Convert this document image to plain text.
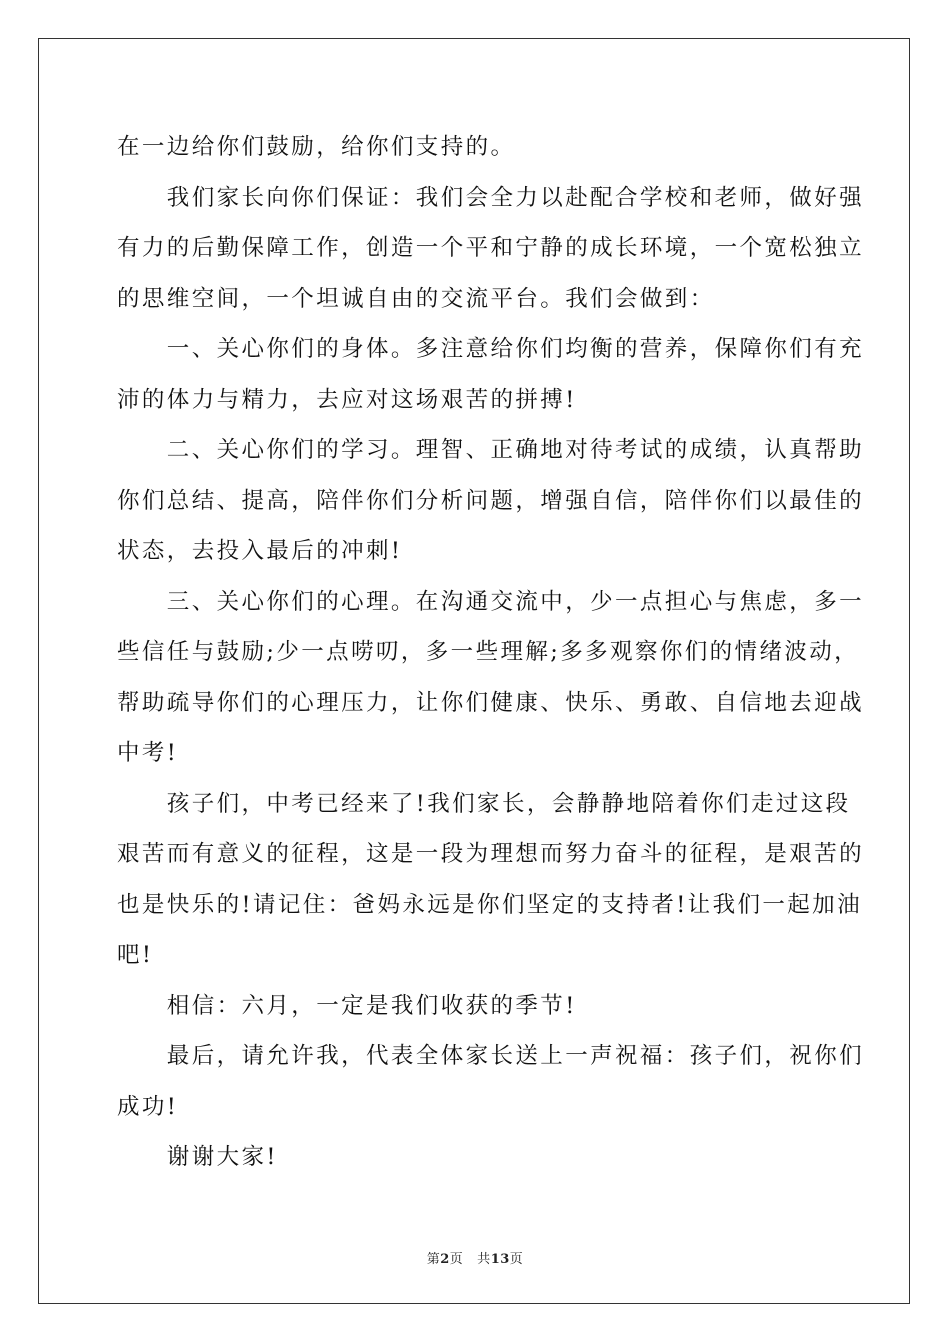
在一边给你们鼓励，给你们支持的。
　　我们家长向你们保证：我们会全力以赴配合学校和老师，做好强
有力的后勤保障工作，创造一个平和宁静的成长环境，一个宽松独立
的思维空间，一个坦诚自由的交流平台。我们会做到：
　　一、关心你们的身体。多注意给你们均衡的营养，保障你们有充
沛的体力与精力，去应对这场艰苦的拼搏!
　　二、关心你们的学习。理智、正确地对待考试的成绩，认真帮助
你们总结、提高，陪伴你们分析问题，增强自信，陪伴你们以最佳的
状态，去投入最后的冲刺!
　　三、关心你们的心理。在沟通交流中，少一点担心与焦虑，多一
些信任与鼓励;少一点唠叨，多一些理解;多多观察你们的情绪波动，
帮助疏导你们的心理压力，让你们健康、快乐、勇敢、自信地去迎战
中考!
　　孩子们，中考已经来了!我们家长，会静静地陪着你们走过这段
艰苦而有意义的征程，这是一段为理想而努力奋斗的征程，是艰苦的
也是快乐的!请记住：爸妈永远是你们坚定的支持者!让我们一起加油
吧!
　　相信：六月，一定是我们收获的季节!
　　最后，请允许我，代表全体家长送上一声祝福：孩子们，祝你们
成功!
　　谢谢大家!
第2页 共13页
